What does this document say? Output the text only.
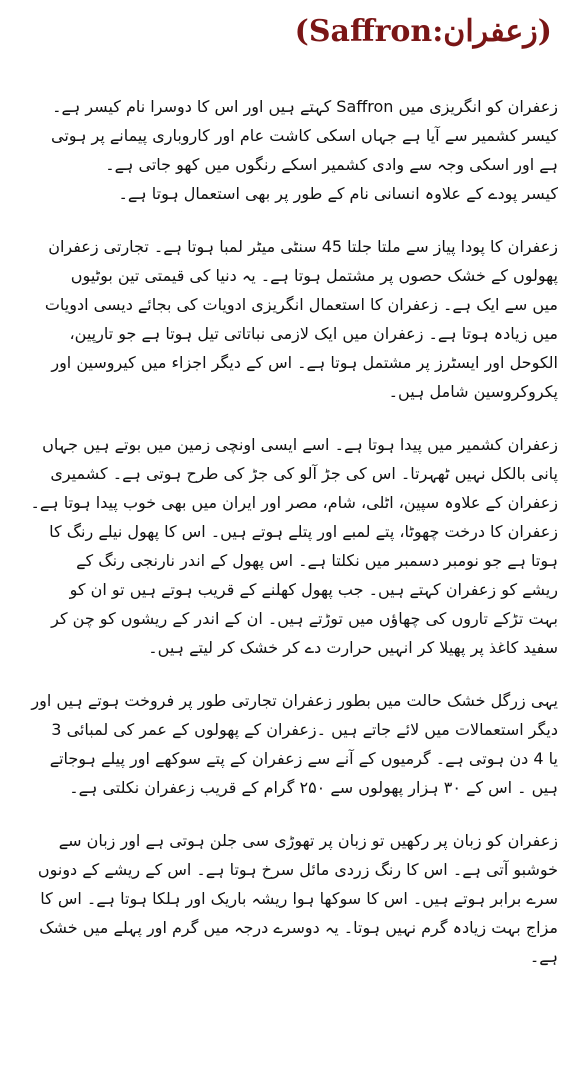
(زعفران:Saffron)
زعفران کو انگریزی میں Saffron کہتے ہیں اور اس کا دوسرا نام کیسر ہے۔
کیسر کشمیر سے آیا ہے جہاں اسکی کاشت عام اور کاروباری پیمانے پر ہوتی
ہے اور اسکی وجہ سے وادی کشمیر اسکے رنگوں میں کھو جاتی ہے۔
کیسر پودے کے علاوہ انسانی نام کے طور پر بھی استعمال ہوتا ہے۔
زعفران کا پودا پیاز سے ملتا جلتا 45 سنٹی میٹر لمبا ہوتا ہے۔ تجارتی زعفران
پھولوں کے خشک حصوں پر مشتمل ہوتا ہے۔ یہ دنیا کی قیمتی تین بوٹیوں
میں سے ایک ہے۔ زعفران کا استعمال انگریزی ادویات کی بجائے دیسی ادویات
میں زیادہ ہوتا ہے۔ زعفران میں ایک لازمی نباتاتی تیل ہوتا ہے جو تارپین،
الکوحل اور ایسٹرز پر مشتمل ہوتا ہے۔ اس کے دیگر اجزاء میں کیروسین اور
پکروکروسین شامل ہیں۔
زعفران کشمیر میں پیدا ہوتا ہے۔ اسے ایسی اونچی زمین میں بوتے ہیں جہاں
پانی بالکل نہیں ٹھہرتا۔ اس کی جڑ آلو کی جڑ کی طرح ہوتی ہے۔ کشمیری
زعفران کے علاوہ سپین، اٹلی، شام، مصر اور ایران میں بھی خوب پیدا ہوتا ہے۔
زعفران کا درخت چھوٹا، پتے لمبے اور پتلے ہوتے ہیں۔ اس کا پھول نیلے رنگ کا
ہوتا ہے جو نومبر دسمبر میں نکلتا ہے۔ اس پھول کے اندر نارنجی رنگ کے
ریشے کو زعفران کہتے ہیں۔ جب پھول کھلنے کے قریب ہوتے ہیں تو ان کو
بہت تڑکے تاروں کی چھاؤں میں توڑتے ہیں۔ ان کے اندر کے ریشوں کو چن کر
سفید کاغذ پر پھیلا کر انہیں حرارت دے کر خشک کر لیتے ہیں۔
یہی زرگل خشک حالت میں بطور زعفران تجارتی طور پر فروخت ہوتے ہیں اور
دیگر استعمالات میں لائے جاتے ہیں ۔زعفران کے پھولوں کے عمر کی لمبائی 3
یا 4 دن ہوتی ہے۔ گرمیوں کے آنے سے زعفران کے پتے سوکھے اور پیلے ہوجاتے
ہیں ۔ اس کے ۳۰ ہزار پھولوں سے ۲۵۰ گرام کے قریب زعفران نکلتی ہے۔
زعفران کو زبان پر رکھیں تو زبان پر تھوڑی سی جلن ہوتی ہے اور زبان سے
خوشبو آتی ہے۔ اس کا رنگ زردی مائل سرخ ہوتا ہے۔ اس کے ریشے کے دونوں
سرے برابر ہوتے ہیں۔ اس کا سوکھا ہوا ریشہ باریک اور ہلکا ہوتا ہے۔ اس کا
مزاج بہت زیادہ گرم نہیں ہوتا۔ یہ دوسرے درجہ میں گرم اور پہلے میں خشک
ہے۔
